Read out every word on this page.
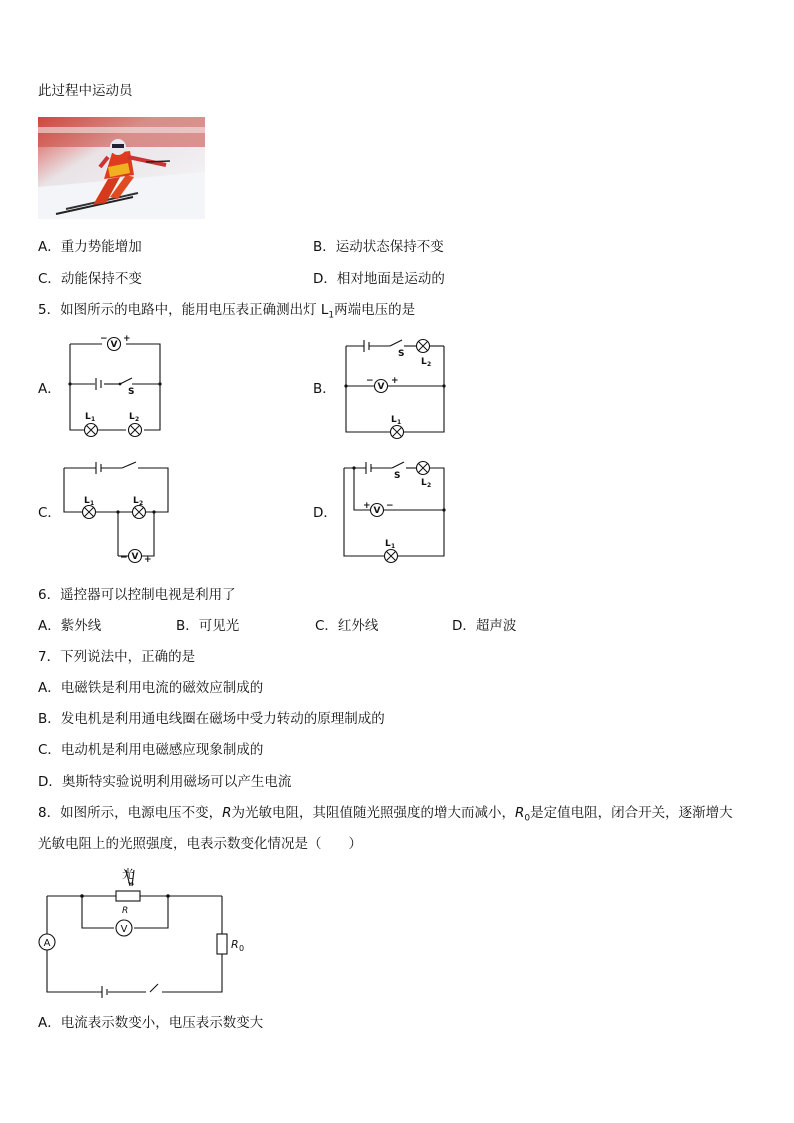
此过程中运动员
A．重力势能增加	B．运动状态保持不变
C．动能保持不变	D．相对地面是运动的
5．如图所示的电路中，能用电压表正确测出灯 $L_1$两端电压的是
A．	B．
C．	D．
V
− +
S
L 1	L 2
S
L 2
V
− +
L 1
L 1	L 2
V
− +
S
L 2
V
+ −
L 1
6．遥控器可以控制电视是利用了
A．紫外线	B．可见光	C．红外线	D．超声波
7．下列说法中，正确的是
A．电磁铁是利用电流的磁效应制成的
B．发电机是利用通电线圈在磁场中受力转动的原理制成的
C．电动机是利用电磁感应现象制成的
D．奥斯特实验说明利用磁场可以产生电流
8．如图所示，电源电压不变，R为光敏电阻，其阻值随光照强度的增大而减小，$R_0$是定值电阻，闭合开关，逐渐增大
光敏电阻上的光照强度，电表示数变化情况是（　　）
光
R
V
A	R 0
A．电流表示数变小，电压表示数变大
